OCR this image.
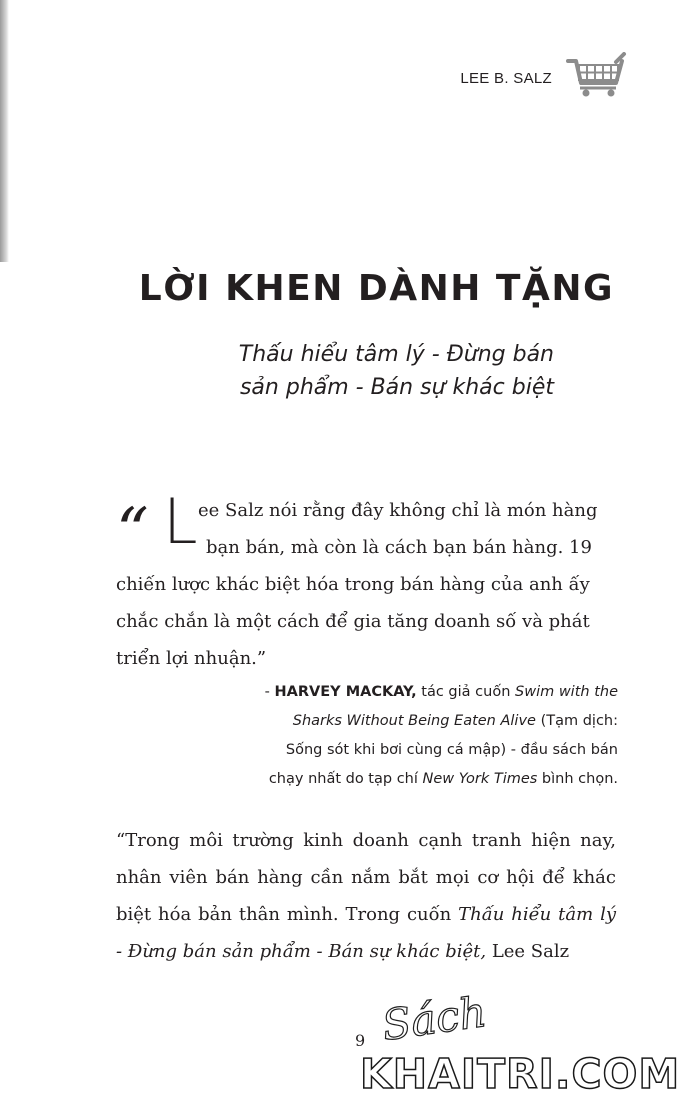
LEE B. SALZ
LỜI KHEN DÀNH TẶNG
Thấu hiểu tâm lý - Đừng bán
sản phẩm - Bán sự khác biệt
“ L ee Salz nói rằng đây không chỉ là món hàng
bạn bán, mà còn là cách bạn bán hàng. 19
chiến lược khác biệt hóa trong bán hàng của anh ấy
chắc chắn là một cách để gia tăng doanh số và phát
triển lợi nhuận.”
- HARVEY MACKAY, tác giả cuốn Swim with the
Sharks Without Being Eaten Alive (Tạm dịch:
Sống sót khi bơi cùng cá mập) - đầu sách bán
chạy nhất do tạp chí New York Times bình chọn.
“Trong môi trường kinh doanh cạnh tranh hiện nay, nhân viên bán hàng cần nắm bắt mọi cơ hội để khác biệt hóa bản thân mình. Trong cuốn Thấu hiểu tâm lý - Đừng bán sản phẩm - Bán sự khác biệt, Lee Salz
9 Sách
KHAITRI.COM
